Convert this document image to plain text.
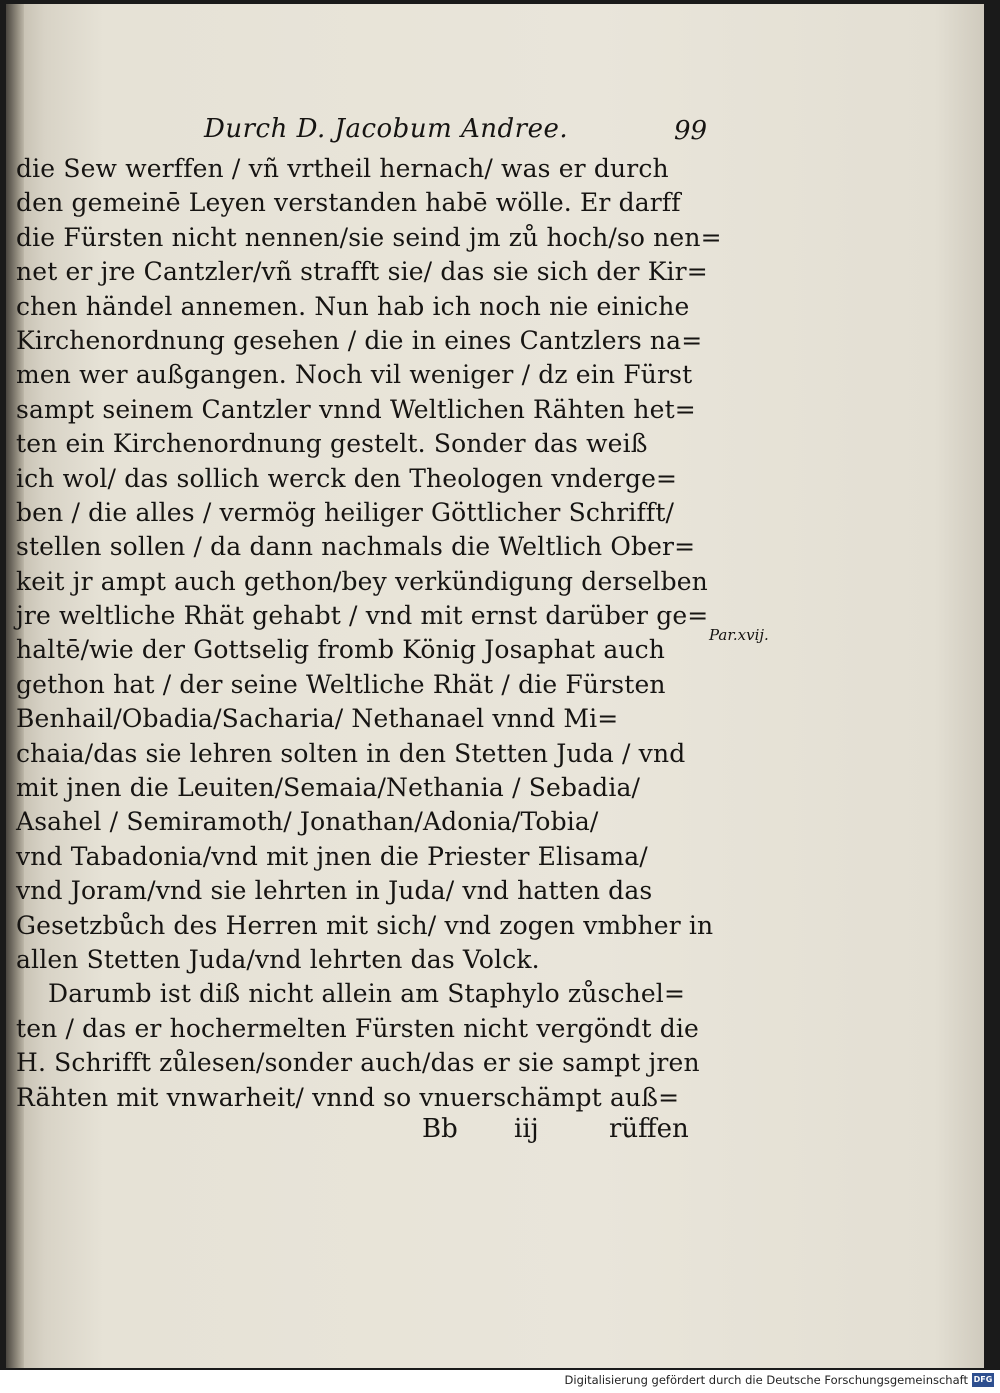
Durch D. Jacobum Andree.	99
die Sew werffen / vñ vrtheil hernach/ was er durch
den gemeinē Leyen verstanden habē wölle. Er darff
die Fürsten nicht nennen/sie seind jm zů hoch/so nen=
net er jre Cantzler/vñ strafft sie/ das sie sich der Kir=
chen händel annemen. Nun hab ich noch nie einiche
Kirchenordnung gesehen / die in eines Cantzlers na=
men wer außgangen. Noch vil weniger / dz ein Fürst
sampt seinem Cantzler vnnd Weltlichen Rähten het=
ten ein Kirchenordnung gestelt. Sonder das weiß
ich wol/ das sollich werck den Theologen vnderge=
ben / die alles / vermög heiliger Göttlicher Schrifft/
stellen sollen / da dann nachmals die Weltlich Ober=
keit jr ampt auch gethon/bey verkündigung derselben
jre weltliche Rhät gehabt / vnd mit ernst darüber ge=
haltē/wie der Gottselig fromb König Josaphat auch
gethon hat / der seine Weltliche Rhät / die Fürsten
Benhail/Obadia/Sacharia/ Nethanael vnnd Mi=
chaia/das sie lehren solten in den Stetten Juda / vnd
mit jnen die Leuiten/Semaia/Nethania / Sebadia/
Asahel / Semiramoth/ Jonathan/Adonia/Tobia/
vnd Tabadonia/vnd mit jnen die Priester Elisama/
vnd Joram/vnd sie lehrten in Juda/ vnd hatten das
Gesetzbůch des Herren mit sich/ vnd zogen vmbher in
allen Stetten Juda/vnd lehrten das Volck.
Darumb ist diß nicht allein am Staphylo zůschel=
ten / das er hochermelten Fürsten nicht vergöndt die
H. Schrifft zůlesen/sonder auch/das er sie sampt jren
Rähten mit vnwarheit/ vnnd so vnuerschämpt auß=
Par.xvij.
Bb iij	rüffen
Digitalisierung gefördert durch die Deutsche Forschungsgemeinschaft DFG
